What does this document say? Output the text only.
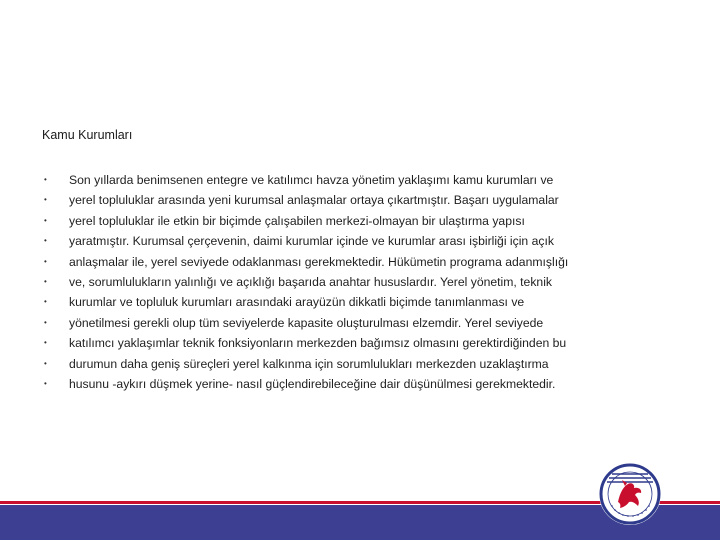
Kamu Kurumları
•
•
•
•
•
•
•
•
•
•
•
Son yıllarda benimsenen entegre ve katılımcı havza yönetim yaklaşımı kamu kurumları ve
yerel topluluklar arasında yeni kurumsal anlaşmalar ortaya çıkartmıştır. Başarı uygulamalar
yerel topluluklar ile etkin bir biçimde çalışabilen merkezi-olmayan bir ulaştırma yapısı
yaratmıştır. Kurumsal çerçevenin, daimi kurumlar içinde ve kurumlar arası işbirliği için açık
anlaşmalar ile, yerel seviyede odaklanması gerekmektedir. Hükümetin programa adanmışlığı
ve, sorumlulukların yalınlığı ve açıklığı başarıda anahtar hususlardır. Yerel yönetim, teknik
kurumlar ve topluluk kurumları arasındaki arayüzün dikkatli biçimde tanımlanması ve
yönetilmesi gerekli olup tüm seviyelerde kapasite oluşturulması elzemdir. Yerel seviyede
katılımcı yaklaşımlar teknik fonksiyonların merkezden bağımsız olmasını gerektirdiğinden bu
durumun daha geniş süreçleri yerel kalkınma için sorumlulukları merkezden uzaklaştırma
husunu -aykırı düşmek yerine- nasıl güçlendirebileceğine dair düşünülmesi gerekmektedir.
